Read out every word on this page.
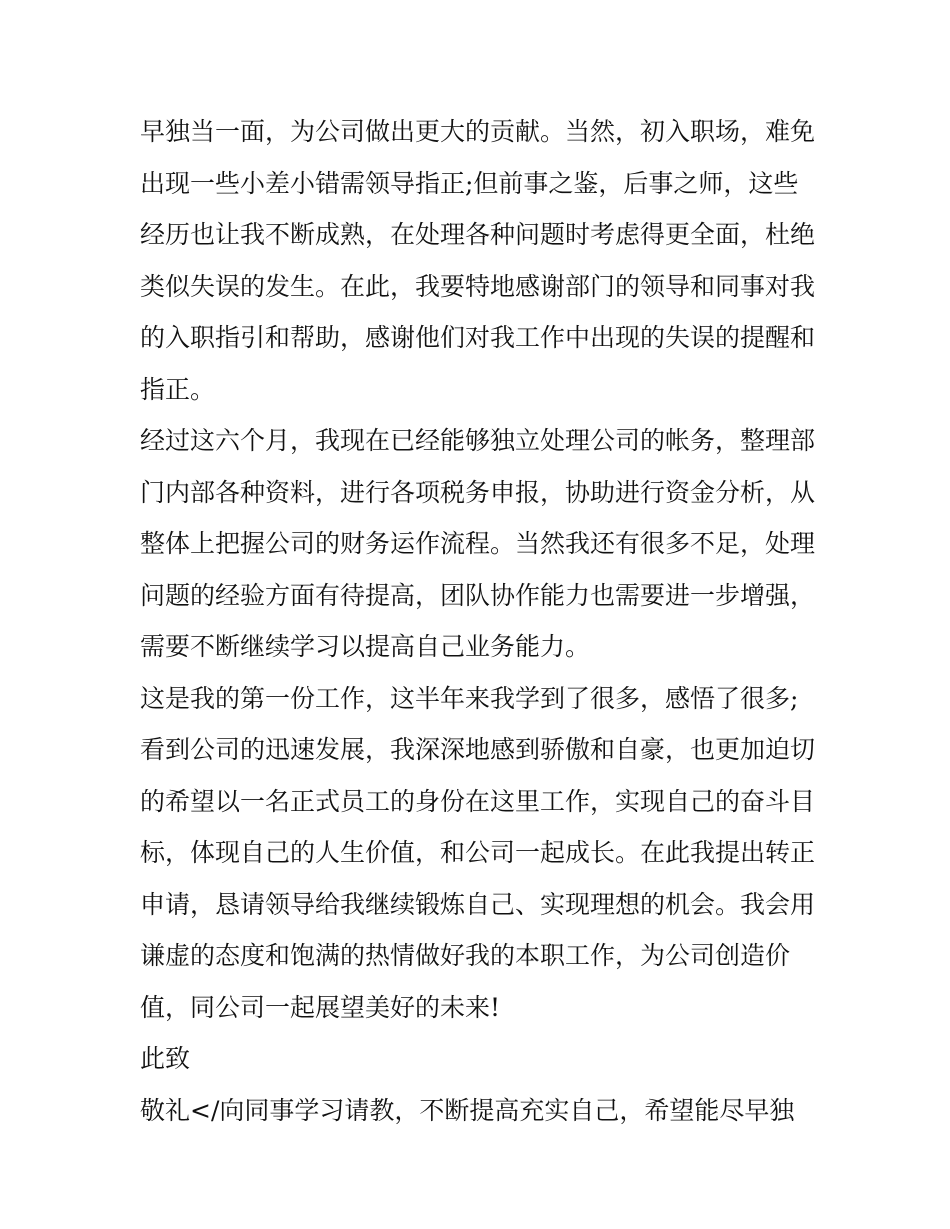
早独当一面，为公司做出更大的贡献。当然，初入职场，难免
出现一些小差小错需领导指正;但前事之鉴，后事之师，这些
经历也让我不断成熟，在处理各种问题时考虑得更全面，杜绝
类似失误的发生。在此，我要特地感谢部门的领导和同事对我
的入职指引和帮助，感谢他们对我工作中出现的失误的提醒和
指正。
经过这六个月，我现在已经能够独立处理公司的帐务，整理部
门内部各种资料，进行各项税务申报，协助进行资金分析，从
整体上把握公司的财务运作流程。当然我还有很多不足，处理
问题的经验方面有待提高，团队协作能力也需要进一步增强，
需要不断继续学习以提高自己业务能力。
这是我的第一份工作，这半年来我学到了很多，感悟了很多;
看到公司的迅速发展，我深深地感到骄傲和自豪，也更加迫切
的希望以一名正式员工的身份在这里工作，实现自己的奋斗目
标，体现自己的人生价值，和公司一起成长。在此我提出转正
申请，恳请领导给我继续锻炼自己、实现理想的机会。我会用
谦虚的态度和饱满的热情做好我的本职工作，为公司创造价
值，同公司一起展望美好的未来!
此致
敬礼</向同事学习请教，不断提高充实自己，希望能尽早独
